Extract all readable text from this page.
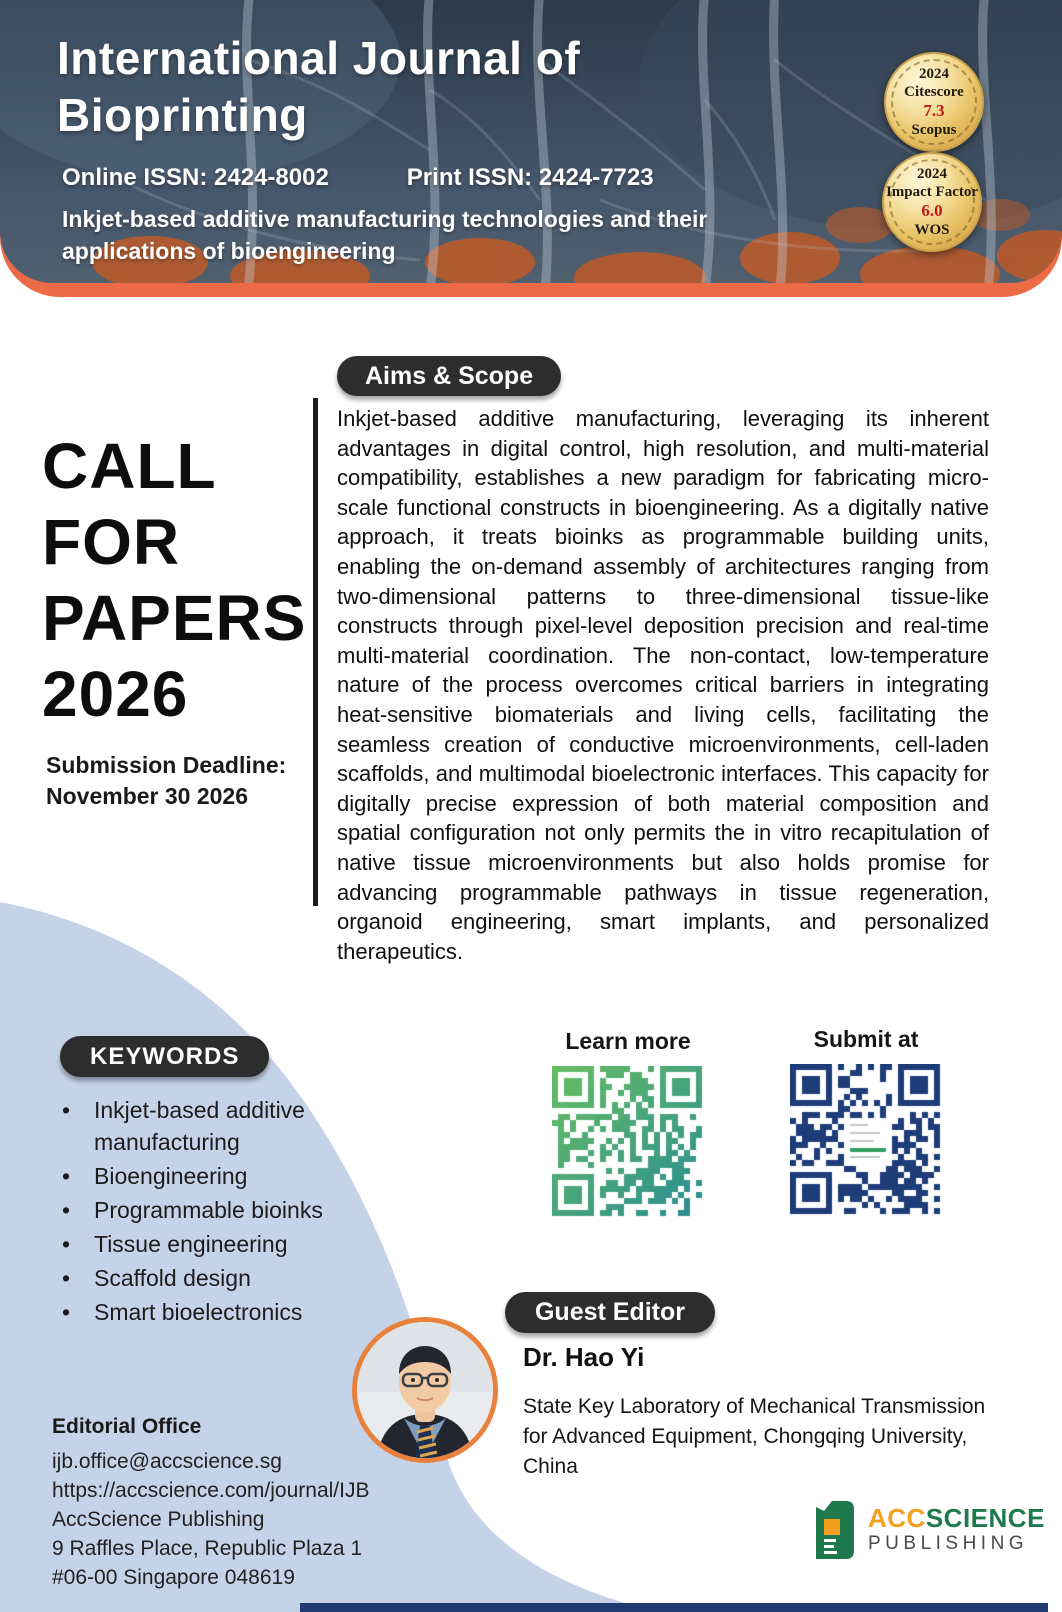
International Journal of
Bioprinting
Online ISSN: 2424-8002	Print ISSN: 2424-7723
Inkjet-based additive manufacturing technologies and their applications of bioengineering
2024
Citescore
7.3
Scopus
2024
Impact Factor
6.0
WOS
CALL
FOR
PAPERS
2026
Submission Deadline:
November 30 2026
Aims & Scope
Inkjet-based additive manufacturing, leveraging its inherent advantages in digital control, high resolution, and multi-material compatibility, establishes a new paradigm for fabricating micro-scale functional constructs in bioengineering. As a digitally native approach, it treats bioinks as programmable building units, enabling the on-demand assembly of architectures ranging from two-dimensional patterns to three-dimensional tissue-like constructs through pixel-level deposition precision and real-time multi-material coordination. The non-contact, low-temperature nature of the process overcomes critical barriers in integrating heat-sensitive biomaterials and living cells, facilitating the seamless creation of conductive microenvironments, cell-laden scaffolds, and multimodal bioelectronic interfaces. This capacity for digitally precise expression of both material composition and spatial configuration not only permits the in vitro recapitulation of native tissue microenvironments but also holds promise for advancing programmable pathways in tissue regeneration, organoid engineering, smart implants, and personalized therapeutics.
KEYWORDS
•	Inkjet-based additive manufacturing
•	Bioengineering
•	Programmable bioinks
•	Tissue engineering
•	Scaffold design
•	Smart bioelectronics
Learn more	Submit at
Guest Editor
Dr. Hao Yi
State Key Laboratory of Mechanical Transmission for Advanced Equipment, Chongqing University, China
Editorial Office
ijb.office@accscience.sg
https://accscience.com/journal/IJB
AccScience Publishing
9 Raffles Place, Republic Plaza 1
#06-00 Singapore 048619
ACCSCIENCE
PUBLISHING
